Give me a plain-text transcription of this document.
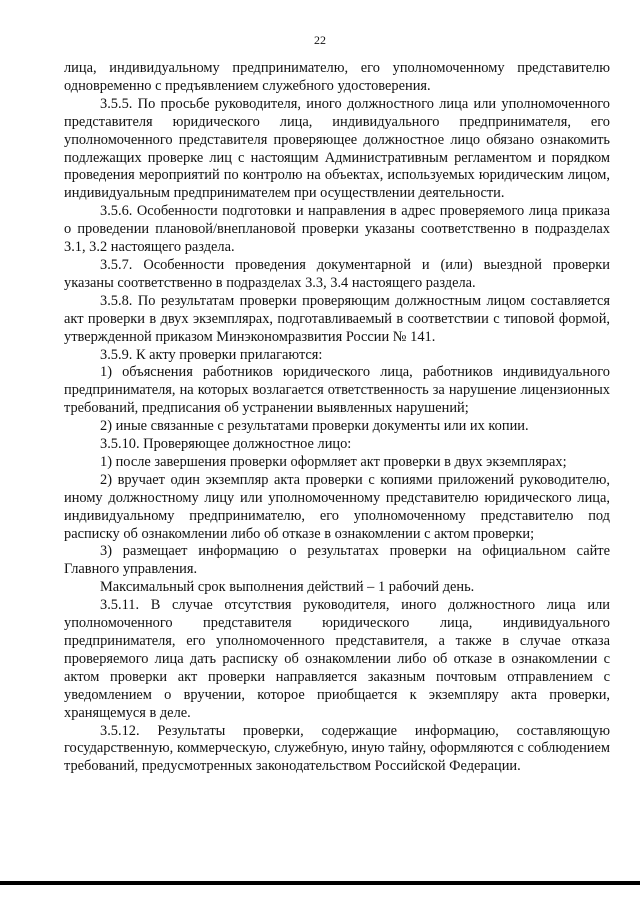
22

лица, индивидуальному предпринимателю, его уполномоченному представителю одновременно с предъявлением служебного удостоверения.

3.5.5. По просьбе руководителя, иного должностного лица или уполномоченного представителя юридического лица, индивидуального предпринимателя, его уполномоченного представителя проверяющее должностное лицо обязано ознакомить подлежащих проверке лиц с настоящим Административным регламентом и порядком проведения мероприятий по контролю на объектах, используемых юридическим лицом, индивидуальным предпринимателем при осуществлении деятельности.

3.5.6. Особенности подготовки и направления в адрес проверяемого лица приказа о проведении плановой/внеплановой проверки указаны соответственно в подразделах 3.1, 3.2 настоящего раздела.

3.5.7. Особенности проведения документарной и (или) выездной проверки указаны соответственно в подразделах 3.3, 3.4 настоящего раздела.

3.5.8. По результатам проверки проверяющим должностным лицом составляется акт проверки в двух экземплярах, подготавливаемый в соответствии с типовой формой, утвержденной приказом Минэкономразвития России № 141.

3.5.9. К акту проверки прилагаются:

1) объяснения работников юридического лица, работников индивидуального предпринимателя, на которых возлагается ответственность за нарушение лицензионных требований, предписания об устранении выявленных нарушений;

2) иные связанные с результатами проверки документы или их копии.

3.5.10. Проверяющее должностное лицо:

1) после завершения проверки оформляет акт проверки в двух экземплярах;

2) вручает один экземпляр акта проверки с копиями приложений руководителю, иному должностному лицу или уполномоченному представителю юридического лица, индивидуальному предпринимателю, его уполномоченному представителю под расписку об ознакомлении либо об отказе в ознакомлении с актом проверки;

3) размещает информацию о результатах проверки на официальном сайте Главного управления.

Максимальный срок выполнения действий – 1 рабочий день.

3.5.11. В случае отсутствия руководителя, иного должностного лица или уполномоченного представителя юридического лица, индивидуального предпринимателя, его уполномоченного представителя, а также в случае отказа проверяемого лица дать расписку об ознакомлении либо об отказе в ознакомлении с актом проверки акт проверки направляется заказным почтовым отправлением с уведомлением о вручении, которое приобщается к экземпляру акта проверки, хранящемуся в деле.

3.5.12. Результаты проверки, содержащие информацию, составляющую государственную, коммерческую, служебную, иную тайну, оформляются с соблюдением требований, предусмотренных законодательством Российской Федерации.
